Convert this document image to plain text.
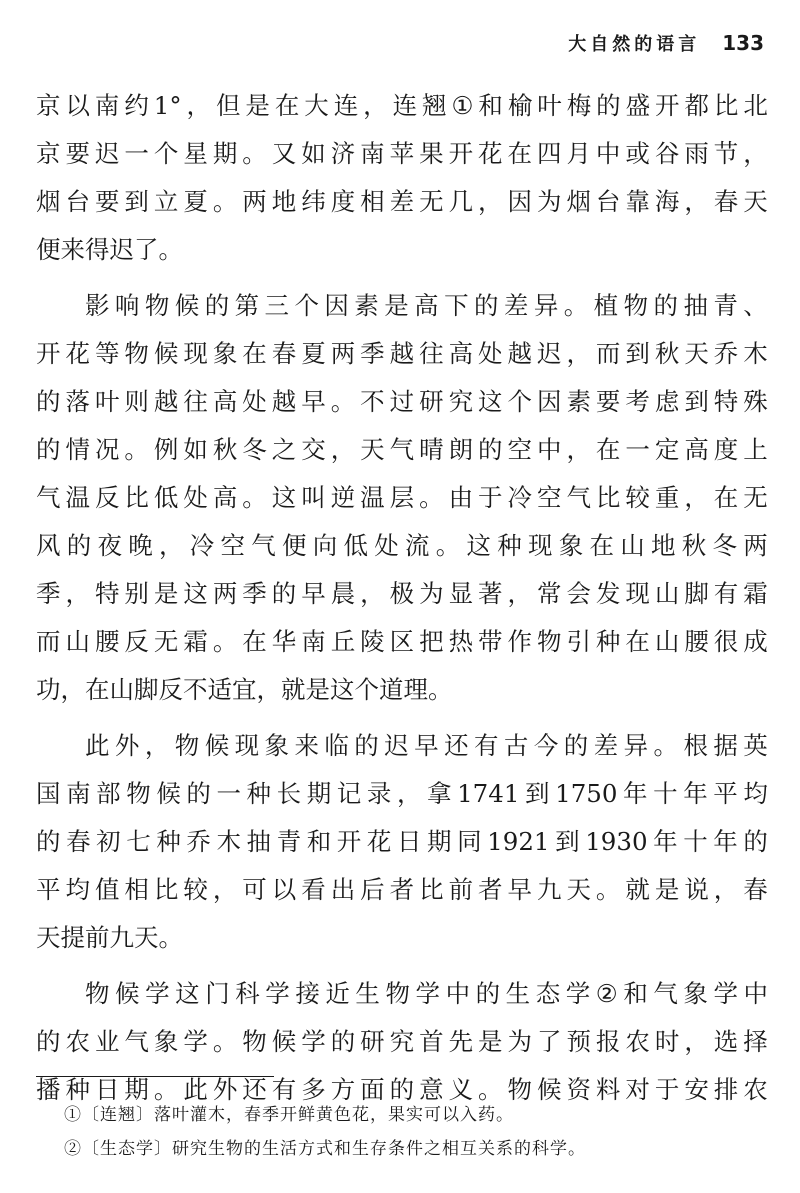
大自然的语言 133
京 以 南 约 1° ， 但 是 在 大 连 ， 连 翘 ① 和 榆 叶 梅 的 盛 开 都 比 北
京 要 迟 一 个 星 期 。 又 如 济 南 苹 果 开 花 在 四 月 中 或 谷 雨 节 ，
烟 台 要 到 立 夏 。 两 地 纬 度 相 差 无 几 ， 因 为 烟 台 靠 海 ， 春 天
便来得迟了。
影 响 物 候 的 第 三 个 因 素 是 高 下 的 差 异 。 植 物 的 抽 青 、
开 花 等 物 候 现 象 在 春 夏 两 季 越 往 高 处 越 迟 ， 而 到 秋 天 乔 木
的 落 叶 则 越 往 高 处 越 早 。 不 过 研 究 这 个 因 素 要 考 虑 到 特 殊
的 情 况 。 例 如 秋 冬 之 交 ， 天 气 晴 朗 的 空 中 ， 在 一 定 高 度 上
气 温 反 比 低 处 高 。 这 叫 逆 温 层 。 由 于 冷 空 气 比 较 重 ， 在 无
风 的 夜 晚 ， 冷 空 气 便 向 低 处 流 。 这 种 现 象 在 山 地 秋 冬 两
季 ， 特 别 是 这 两 季 的 早 晨 ， 极 为 显 著 ， 常 会 发 现 山 脚 有 霜
而 山 腰 反 无 霜 。 在 华 南 丘 陵 区 把 热 带 作 物 引 种 在 山 腰 很 成
功，在山脚反不适宜，就是这个道理。
此 外 ， 物 候 现 象 来 临 的 迟 早 还 有 古 今 的 差 异 。 根 据 英
国 南 部 物 候 的 一 种 长 期 记 录 ， 拿 1741 到 1750 年 十 年 平 均
的 春 初 七 种 乔 木 抽 青 和 开 花 日 期 同 1921 到 1930 年 十 年 的
平 均 值 相 比 较 ， 可 以 看 出 后 者 比 前 者 早 九 天 。 就 是 说 ， 春
天提前九天。
物 候 学 这 门 科 学 接 近 生 物 学 中 的 生 态 学 ② 和 气 象 学 中
的 农 业 气 象 学 。 物 候 学 的 研 究 首 先 是 为 了 预 报 农 时 ， 选 择
播 种 日 期 。 此 外 还 有 多 方 面 的 意 义 。 物 候 资 料 对 于 安 排 农
①〔连翘〕落叶灌木，春季开鲜黄色花，果实可以入药。
②〔生态学〕研究生物的生活方式和生存条件之相互关系的科学。
